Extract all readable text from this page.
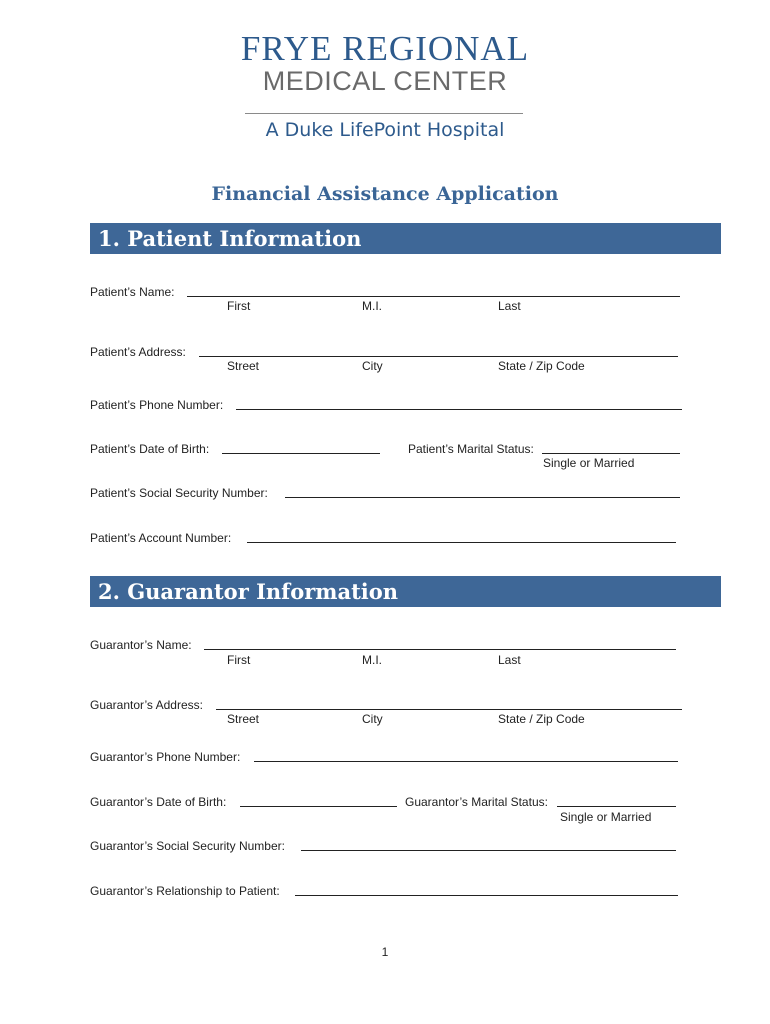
FRYE REGIONAL
MEDICAL CENTER
A Duke LifePoint Hospital
Financial Assistance Application
1. Patient Information
Patient’s Name:
First	M.I.	Last
Patient’s Address:
Street	City	State / Zip Code
Patient’s Phone Number:
Patient’s Date of Birth:	Patient’s Marital Status:
Single or Married
Patient’s Social Security Number:
Patient’s Account Number:
2. Guarantor Information
Guarantor’s Name:
First	M.I.	Last
Guarantor’s Address:
Street	City	State / Zip Code
Guarantor’s Phone Number:
Guarantor’s Date of Birth:	Guarantor’s Marital Status:
Single or Married
Guarantor’s Social Security Number:
Guarantor’s Relationship to Patient:
1
